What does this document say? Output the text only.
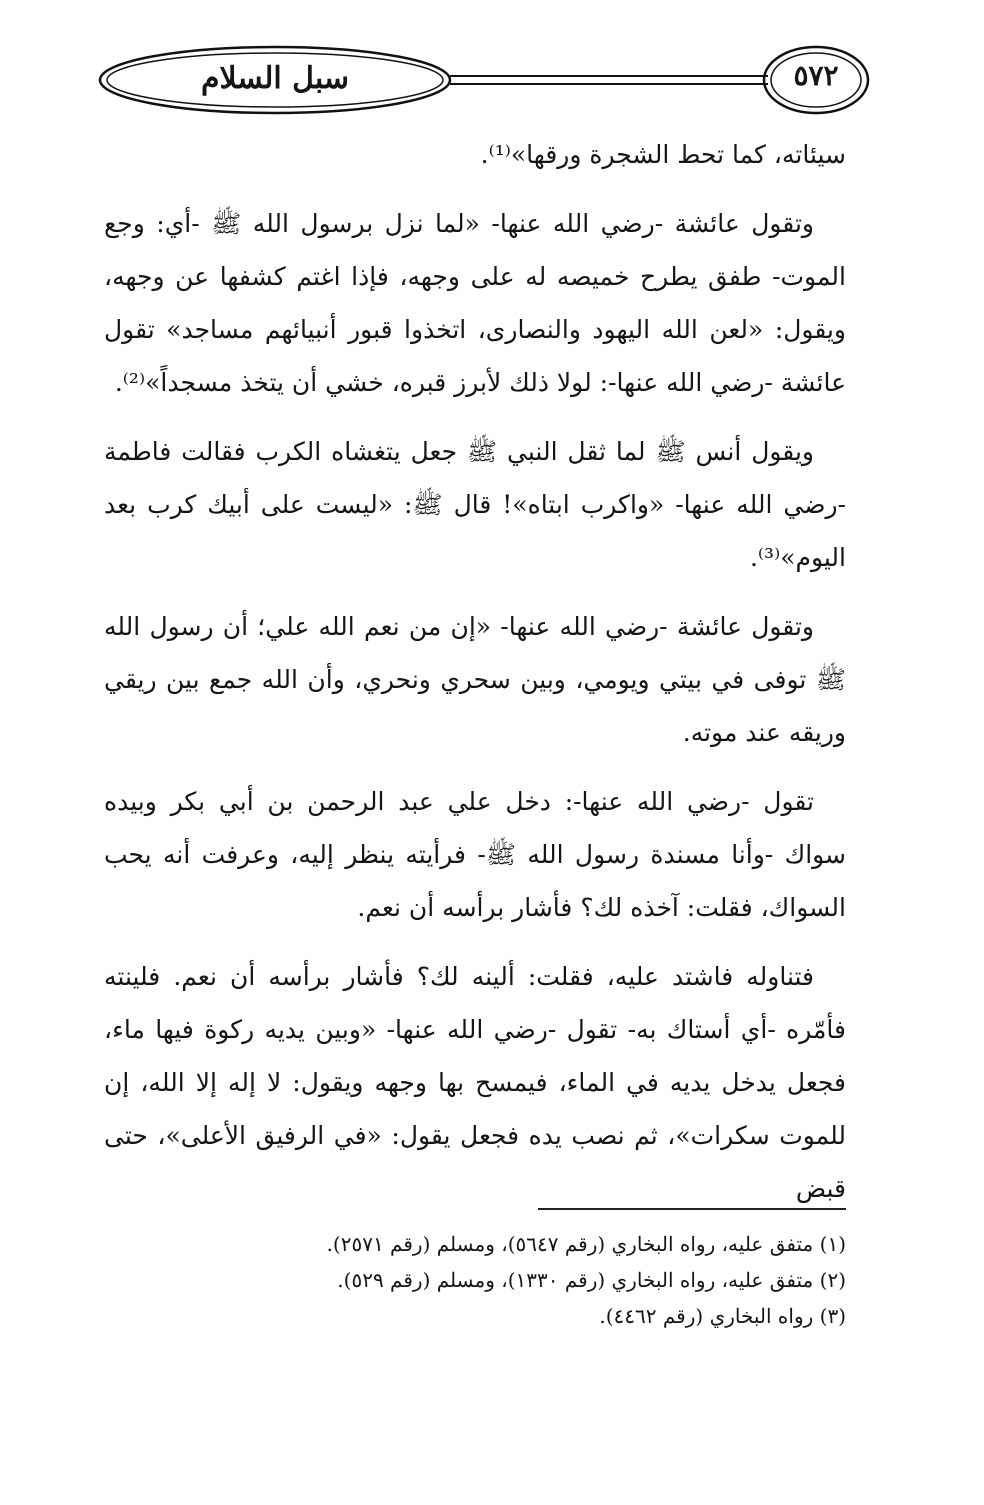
سبل السلام	٥٧٢

سيئاته، كما تحط الشجرة ورقها»⁽¹⁾.

وتقول عائشة -رضي الله عنها- «لما نزل برسول الله ﷺ -أي: وجع الموت- طفق يطرح خميصه له على وجهه، فإذا اغتم كشفها عن وجهه، ويقول: «لعن الله اليهود والنصارى، اتخذوا قبور أنبيائهم مساجد» تقول عائشة -رضي الله عنها-: لولا ذلك لأبرز قبره، خشي أن يتخذ مسجداً»⁽²⁾.

ويقول أنس ﷺ لما ثقل النبي ﷺ جعل يتغشاه الكرب فقالت فاطمة -رضي الله عنها- «واكرب ابتاه»! قال ﷺ: «ليست على أبيك كرب بعد اليوم»⁽³⁾.

وتقول عائشة -رضي الله عنها- «إن من نعم الله علي؛ أن رسول الله ﷺ توفى في بيتي ويومي، وبين سحري ونحري، وأن الله جمع بين ريقي وريقه عند موته.

تقول -رضي الله عنها-: دخل علي عبد الرحمن بن أبي بكر وبيده سواك -وأنا مسندة رسول الله ﷺ- فرأيته ينظر إليه، وعرفت أنه يحب السواك، فقلت: آخذه لك؟ فأشار برأسه أن نعم.

فتناوله فاشتد عليه، فقلت: ألينه لك؟ فأشار برأسه أن نعم. فلينته فأمّره -أي أستاك به- تقول -رضي الله عنها- «وبين يديه ركوة فيها ماء، فجعل يدخل يديه في الماء، فيمسح بها وجهه ويقول: لا إله إلا الله، إن للموت سكرات»، ثم نصب يده فجعل يقول: «في الرفيق الأعلى»، حتى قبض

(١) متفق عليه، رواه البخاري (رقم ٥٦٤٧)، ومسلم (رقم ٢٥٧١).

(٢) متفق عليه، رواه البخاري (رقم ١٣٣٠)، ومسلم (رقم ٥٢٩).

(٣) رواه البخاري (رقم ٤٤٦٢).
